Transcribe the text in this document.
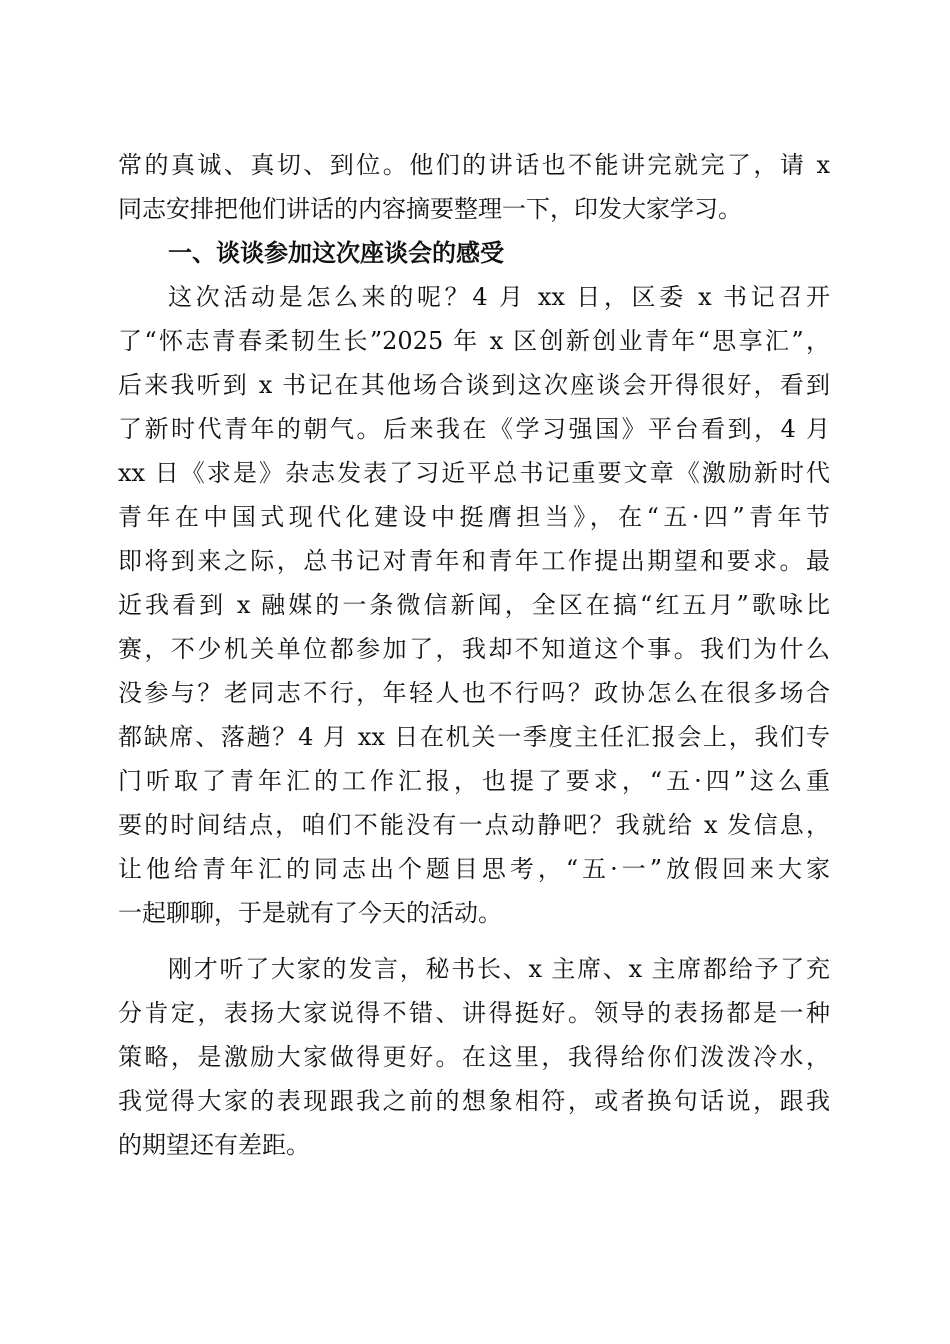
常的真诚、真切、到位。他们的讲话也不能讲完就完了，请 x
同志安排把他们讲话的内容摘要整理一下，印发大家学习。
一、谈谈参加这次座谈会的感受
这次活动是怎么来的呢？4 月 xx 日，区委 x 书记召开
了“怀志青春柔韧生长”2025 年 x 区创新创业青年“思享汇”，
后来我听到 x 书记在其他场合谈到这次座谈会开得很好，看到
了新时代青年的朝气。后来我在《学习强国》平台看到，4 月
xx 日《求是》杂志发表了习近平总书记重要文章《激励新时代
青年在中国式现代化建设中挺膺担当》，在“五·四”青年节
即将到来之际，总书记对青年和青年工作提出期望和要求。最
近我看到 x 融媒的一条微信新闻，全区在搞“红五月”歌咏比
赛，不少机关单位都参加了，我却不知道这个事。我们为什么
没参与？老同志不行，年轻人也不行吗？政协怎么在很多场合
都缺席、落趟？4 月 xx 日在机关一季度主任汇报会上，我们专
门听取了青年汇的工作汇报，也提了要求，“五·四”这么重
要的时间结点，咱们不能没有一点动静吧？我就给 x 发信息，
让他给青年汇的同志出个题目思考，“五·一”放假回来大家
一起聊聊，于是就有了今天的活动。
刚才听了大家的发言，秘书长、x 主席、x 主席都给予了充
分肯定，表扬大家说得不错、讲得挺好。领导的表扬都是一种
策略，是激励大家做得更好。在这里，我得给你们泼泼冷水，
我觉得大家的表现跟我之前的想象相符，或者换句话说，跟我
的期望还有差距。
